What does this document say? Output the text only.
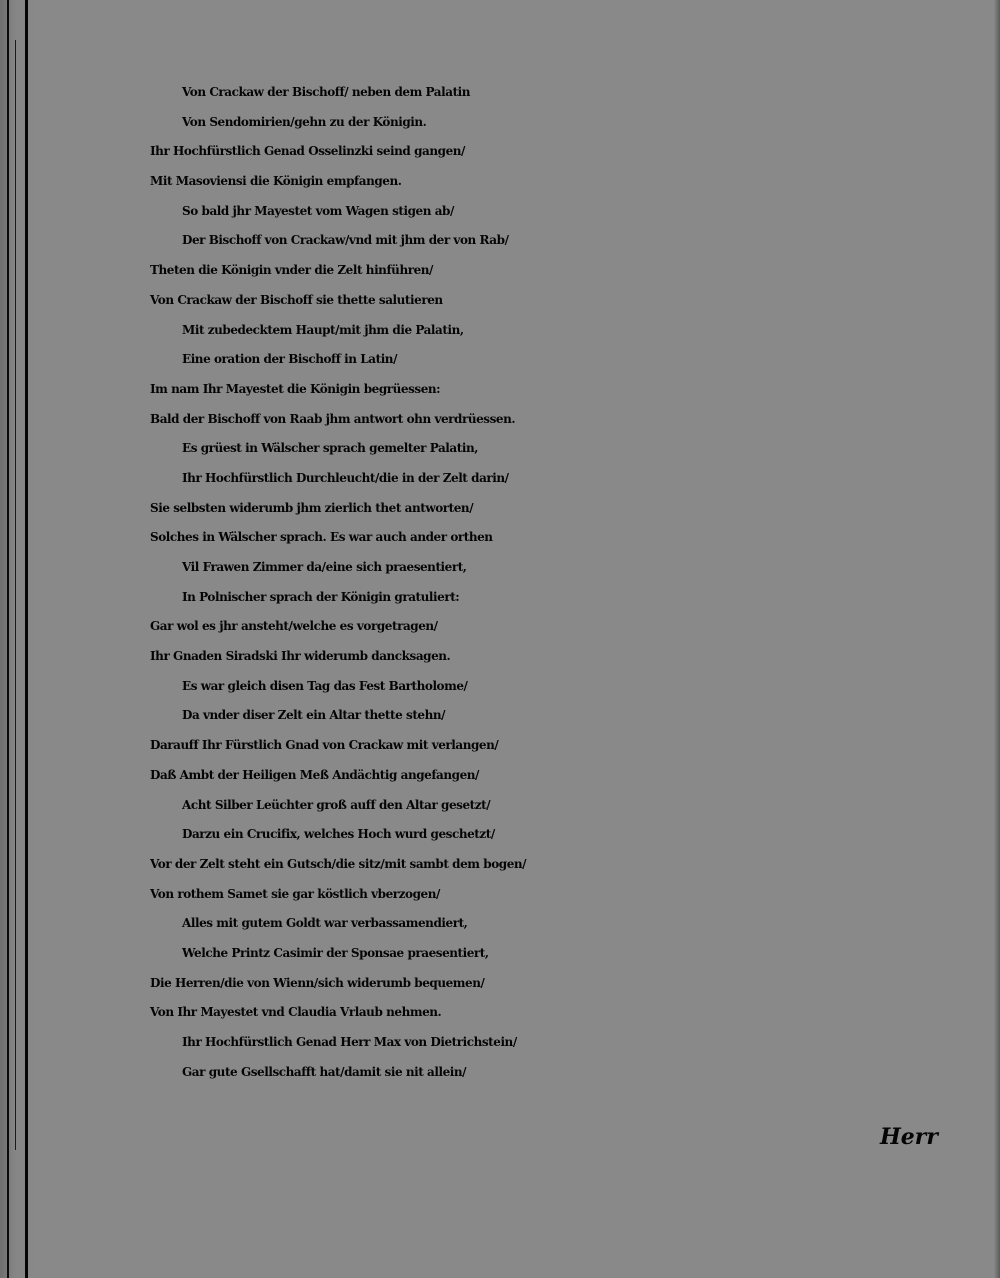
Von Crackaw der Bischoff/ neben dem Palatin
Von Sendomirien/gehn zu der Königin.
Ihr Hochfürstlich Genad Osselinzki seind gangen/
Mit Masoviensi die Königin empfangen.
So bald jhr Mayestet vom Wagen stigen ab/
Der Bischoff von Crackaw/vnd mit jhm der von Rab/
Theten die Königin vnder die Zelt hinführen/
Von Crackaw der Bischoff sie thette salutieren
Mit zubedecktem Haupt/mit jhm die Palatin,
Eine oration der Bischoff in Latin/
Im nam Ihr Mayestet die Königin begrüessen:
Bald der Bischoff von Raab jhm antwort ohn verdrüessen.
Es grüest in Wälscher sprach gemelter Palatin,
Ihr Hochfürstlich Durchleucht/die in der Zelt darin/
Sie selbsten widerumb jhm zierlich thet antworten/
Solches in Wälscher sprach. Es war auch ander orthen
Vil Frawen Zimmer da/eine sich praesentiert,
In Polnischer sprach der Königin gratuliert:
Gar wol es jhr ansteht/welche es vorgetragen/
Ihr Gnaden Siradski Ihr widerumb dancksagen.
Es war gleich disen Tag das Fest Bartholome/
Da vnder diser Zelt ein Altar thette stehn/
Darauff Ihr Fürstlich Gnad von Crackaw mit verlangen/
Daß Ambt der Heiligen Meß Andächtig angefangen/
Acht Silber Leüchter groß auff den Altar gesetzt/
Darzu ein Crucifix, welches Hoch wurd geschetzt/
Vor der Zelt steht ein Gutsch/die sitz/mit sambt dem bogen/
Von rothem Samet sie gar köstlich vberzogen/
Alles mit gutem Goldt war verbassamendiert,
Welche Printz Casimir der Sponsae praesentiert,
Die Herren/die von Wienn/sich widerumb bequemen/
Von Ihr Mayestet vnd Claudia Vrlaub nehmen.
Ihr Hochfürstlich Genad Herr Max von Dietrichstein/
Gar gute Gsellschafft hat/damit sie nit allein/
Herr
